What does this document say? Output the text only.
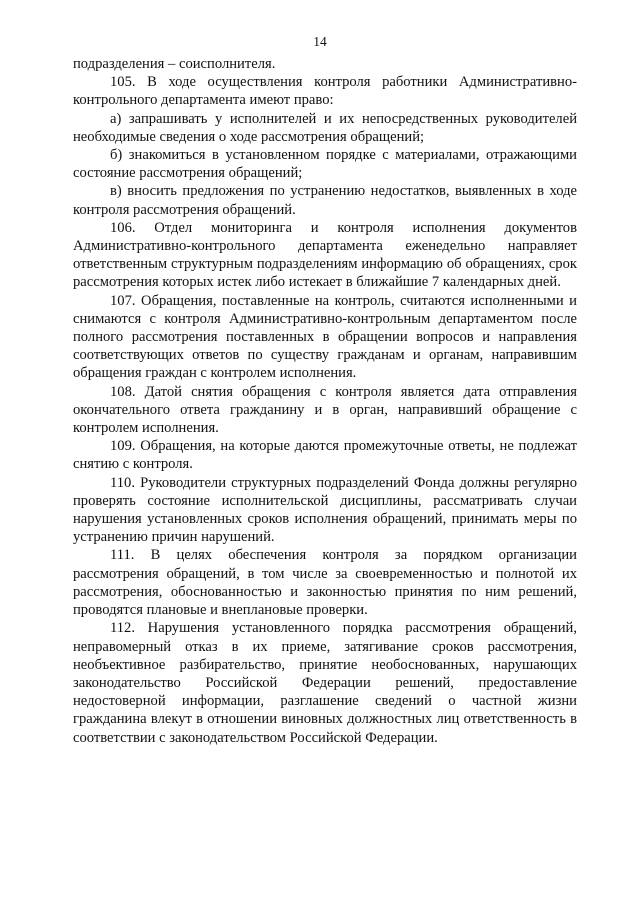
14

подразделения – соисполнителя.

105. В ходе осуществления контроля работники Административно-контрольного департамента имеют право:

а) запрашивать у исполнителей и их непосредственных руководителей необходимые сведения о ходе рассмотрения обращений;

б) знакомиться в установленном порядке с материалами, отражающими состояние рассмотрения обращений;

в) вносить предложения по устранению недостатков, выявленных в ходе контроля рассмотрения обращений.

106. Отдел мониторинга и контроля исполнения документов Административно-контрольного департамента еженедельно направляет ответственным структурным подразделениям информацию об обращениях, срок рассмотрения которых истек либо истекает в ближайшие 7 календарных дней.

107. Обращения, поставленные на контроль, считаются исполненными и снимаются с контроля Административно-контрольным департаментом после полного рассмотрения поставленных в обращении вопросов и направления соответствующих ответов по существу гражданам и органам, направившим обращения граждан с контролем исполнения.

108. Датой снятия обращения с контроля является дата отправления окончательного ответа гражданину и в орган, направивший обращение с контролем исполнения.

109. Обращения, на которые даются промежуточные ответы, не подлежат снятию с контроля.

110. Руководители структурных подразделений Фонда должны регулярно проверять состояние исполнительской дисциплины, рассматривать случаи нарушения установленных сроков исполнения обращений, принимать меры по устранению причин нарушений.

111. В целях обеспечения контроля за порядком организации рассмотрения обращений, в том числе за своевременностью и полнотой их рассмотрения, обоснованностью и законностью принятия по ним решений, проводятся плановые и внеплановые проверки.

112. Нарушения установленного порядка рассмотрения обращений, неправомерный отказ в их приеме, затягивание сроков рассмотрения, необъективное разбирательство, принятие необоснованных, нарушающих законодательство Российской Федерации решений, предоставление недостоверной информации, разглашение сведений о частной жизни гражданина влекут в отношении виновных должностных лиц ответственность в соответствии с законодательством Российской Федерации.
